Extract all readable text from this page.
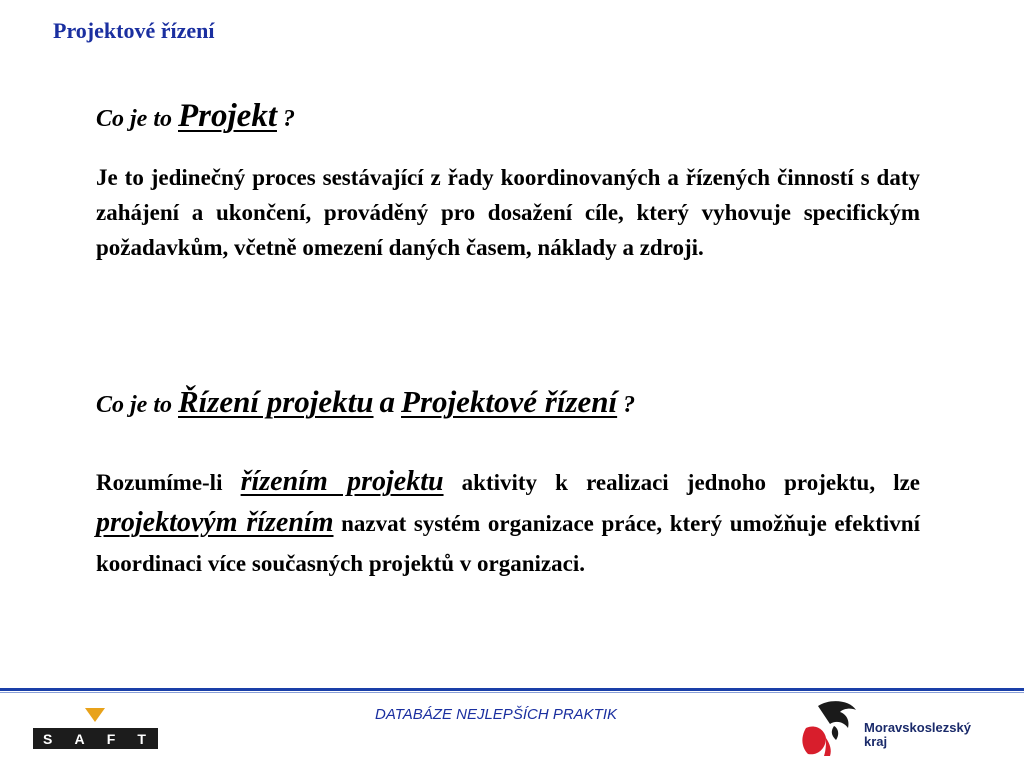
Projektové řízení
Co je to Projekt ?

Je to jedinečný proces sestávající z řady koordinovaných a řízených činností s daty zahájení a ukončení, prováděný pro dosažení cíle, který vyhovuje specifickým požadavkům, včetně omezení daných časem, náklady a zdroji.

Co je to Řízení projektu a Projektové řízení ?

Rozumíme-li řízením projektu aktivity k realizaci jednoho projektu, lze projektovým řízením nazvat systém organizace práce, který umožňuje efektivní koordinaci více současných projektů v organizaci.

S A F T
DATABÁZE NEJLEPŠÍCH PRAKTIK
Moravskoslezský
kraj
